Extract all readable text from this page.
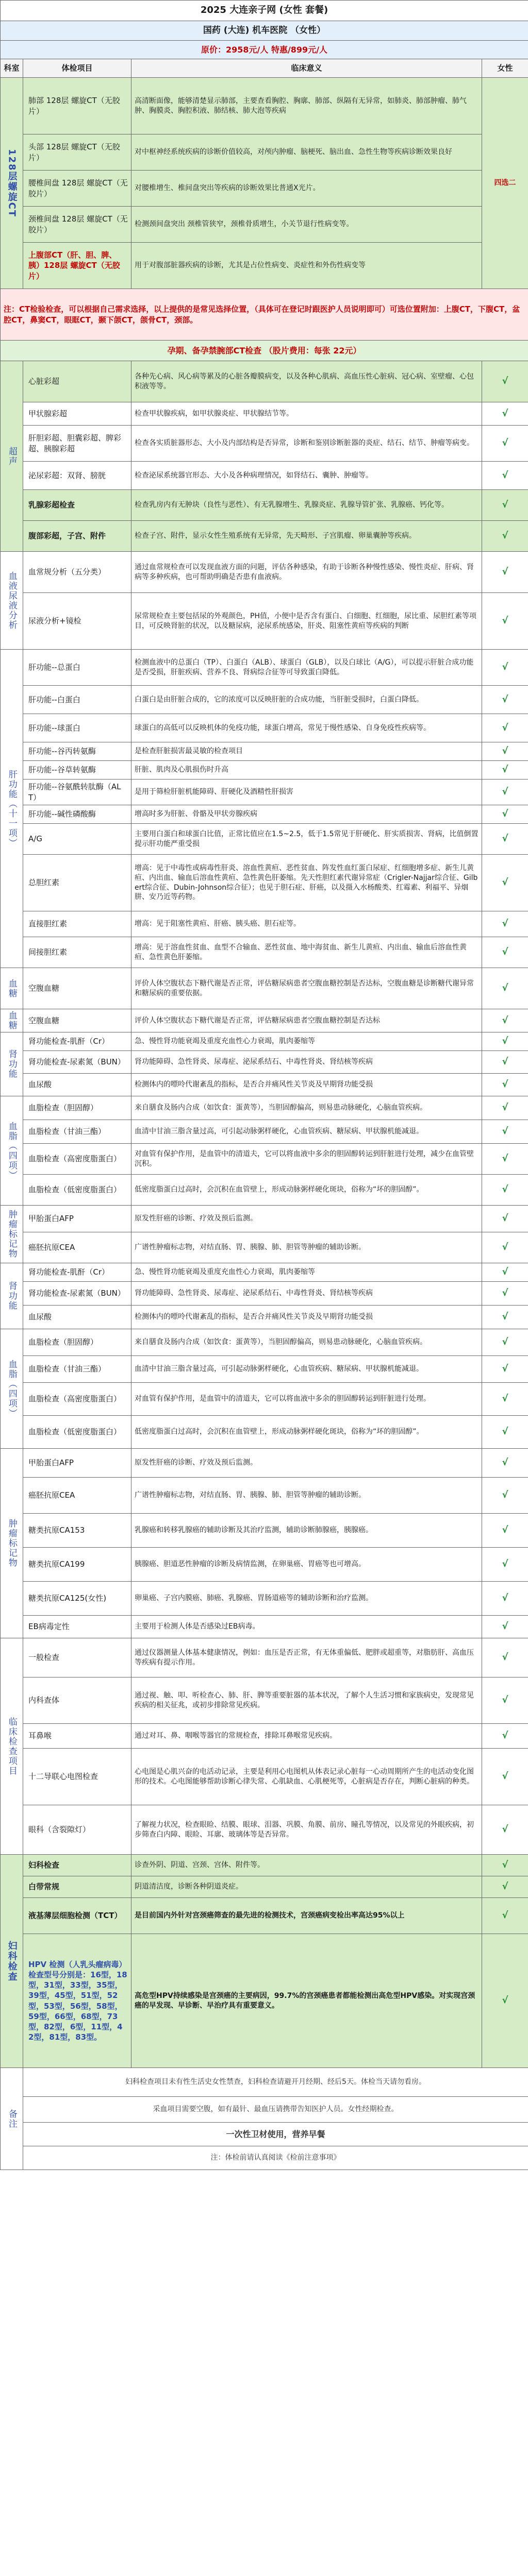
2025 大连亲子网 (女性 套餐)			
国药 (大连) 机车医院 （女性）			
原价：2958元/人 特惠/899元/人			
科室	体检项目	临床意义	女性
128层螺旋CT	肺部 128层 螺旋CT（无胶片）	高清断面像，能够清楚显示肺部，主要查看胸腔、胸廓、肺部、纵隔有无异常，如肺炎、肺部肿瘤、肺气肿、胸膜炎、胸腔积液、肺结核、肺大泡等疾病	四选二
	头部 128层 螺旋CT（无胶片）	对中枢神经系统疾病的诊断价值较高，对颅内肿瘤、脑梗死、脑出血、急性生物等疾病诊断效果良好	
	腰椎间盘 128层 螺旋CT（无胶片）	对腰椎增生、椎间盘突出等疾病的诊断效果比普通X光片。	
	颈椎间盘 128层 螺旋CT（无胶片）	检测颈间盘突出 颈椎管狭窄，颈椎骨质增生，小关节退行性病变等。	
	上腹部CT（肝、胆、脾、胰）128层 螺旋CT（无胶片）	用于对腹部脏器疾病的诊断，尤其是占位性病变、炎症性和外伤性病变等	
注：CT检验检查，可以根据自己需求选择，以上提供的是常见选择位置，（具体可在登记时跟医护人员说明即可）可选位置附加：上腹CT，下腹CT，盆腔CT，鼻窦CT，眼眶CT，颞下颌CT，颌骨CT，颈部。			
孕期、备孕禁腕部CT检查 （股片费用：每张 22元）			
超声	心脏彩超	各种先心病、风心病等累及的心脏各瓣膜病变，以及各种心肌病、高血压性心脏病、冠心病、室壁瘤、心包积液等等。	√
	甲状腺彩超	检查甲状腺疾病，如甲状腺炎症、甲状腺结节等。	√
	肝胆彩超、胆囊彩超、脾彩超、胰腺彩超	检查各实质脏器形态、大小及内部结构是否异常，诊断和鉴别诊断脏器的炎症、结石、结节、肿瘤等病变。	√
	泌尿彩超：双肾、膀胱	检查泌尿系统器官形态、大小及各种病理情况，如肾结石、囊肿、肿瘤等。	√
	乳腺彩超检查	检查乳房内有无肿块（良性与恶性）、有无乳腺增生、乳腺炎症、乳腺导管扩张、乳腺癌、钙化等。	√
	腹部彩超，子宫、附件	检查子宫、附件，显示女性生殖系统有无异常，先天畸形、子宫肌瘤、卵巢囊肿等疾病。	√
血液尿液分析	血常规分析（五分类）	通过血常规检查可以发现血液方面的问题，评估各种感染，有助于诊断各种慢性感染、慢性炎症、肝病、肾病等多种疾病，也可帮助明确是否患有血液病。	√
	尿液分析+镜检	尿常规检查主要包括尿的外观颜色，PH值，小便中是否含有蛋白、白细胞、红细胞，尿比重、尿胆红素等项目，可反映肾脏的状况，以及糖尿病，泌尿系统感染，肝炎、阻塞性黄疸等疾病的判断	√
肝功能（十一项）	肝功能--总蛋白	检测血液中的总蛋白（TP）、白蛋白（ALB）、球蛋白（GLB），以及白球比（A/G），可以提示肝脏合成功能是否受损，肝脏疾病、营养不良、肾病综合征等可导致蛋白降低。	√
	肝功能--白蛋白	白蛋白是由肝脏合成的，它的浓度可以反映肝脏的合成功能，当肝脏受损时，白蛋白降低。	√
	肝功能--球蛋白	球蛋白的高低可以反映机体的免疫功能，球蛋白增高，常见于慢性感染、自身免疫性疾病等。	√
	肝功能--谷丙转氨酶	是检查肝脏损害最灵敏的检查项目	√
	肝功能--谷草转氨酶	肝脏、肌肉及心肌损伤时升高	√
	肝功能--谷氨酰转肽酶（ALT）	是用于筛检肝脏机能障碍、肝硬化及酒精性肝损害	√
	肝功能--碱性磷酸酶	增高时多为肝脏、骨骼及甲状旁腺疾病	√
	A/G	主要用白蛋白和球蛋白比值，正常比值应在1.5~2.5，低于1.5常见于肝硬化、肝实质损害、肾病，比值倒置提示肝功能严重受损	√
	总胆红素	增高：见于中毒性或病毒性肝炎、溶血性黄疸、恶性贫血、阵发性血红蛋白尿症、红细胞增多症、新生儿黄疸、内出血、输血后溶血性黄疸、急性黄色肝萎缩。先天性胆红素代谢异常症（Crigler-Najjar综合征、Gilbert综合征、Dubin-Johnson综合征）；也见于胆石症、肝癌，以及摄入水杨酸类、红霉素、利福平、异烟肼、安乃近等药物。	√
	直接胆红素	增高：见于阻塞性黄疸、肝癌、胰头癌、胆石症等。	√
	间接胆红素	增高：见于溶血性贫血、血型不合输血、恶性贫血、地中海贫血、新生儿黄疸、内出血、输血后溶血性黄疸、急性黄色肝萎缩。	√
血糖	空腹血糖	评价人体空腹状态下糖代谢是否正常，评估糖尿病患者空腹血糖控制是否达标，空腹血糖是诊断糖代谢异常和糖尿病的重要依据。	√
血糖	空腹血糖	评价人体空腹状态下糖代谢是否正常，评估糖尿病患者空腹血糖控制是否达标	√
肾功能	肾功能检查-肌酐（Cr）	急、慢性肾功能衰竭及重度充血性心力衰竭，肌肉萎缩等	√
	肾功能检查-尿素氮（BUN）	肾功能障碍、急性肾炎、尿毒症、泌尿系结石、中毒性肾炎、肾结核等疾病	√
	血尿酸	检测体内的嘌呤代谢紊乱的指标，是否合并痛风性关节炎及早期肾功能受损	√
血脂（四项）	血脂检查（胆固醇）	来自膳食及肠内合成（如饮食：蛋黄等），当胆固醇偏高，则易患动脉硬化，心脑血管疾病。	√
	血脂检查（甘油三酯）	血清中甘油三脂含量过高，可引起动脉粥样硬化，心血管疾病、糖尿病、甲状腺机能减退。	√
	血脂检查（高密度脂蛋白）	对血管有保护作用，是血管中的清道夫，它可以将血液中多余的胆固醇转运到肝脏进行处理，减少在血管壁沉积。	√
	血脂检查（低密度脂蛋白）	低密度脂蛋白过高时，会沉积在血管壁上，形成动脉粥样硬化斑块，俗称为“坏的胆固醇”。	√
肿瘤标记物	甲胎蛋白AFP	原发性肝癌的诊断、疗效及预后监测。	√
	癌胚抗原CEA	广谱性肿瘤标志物，对结直肠、胃、胰腺、肺、胆管等肿瘤的辅助诊断。	√
肾功能	肾功能检查-肌酐（Cr）	急、慢性肾功能衰竭及重度充血性心力衰竭，肌肉萎缩等	√
	肾功能检查-尿素氮（BUN）	肾功能障碍、急性肾炎、尿毒症、泌尿系结石、中毒性肾炎、肾结核等疾病	√
	血尿酸	检测体内的嘌呤代谢紊乱的指标，是否合并痛风性关节炎及早期肾功能受损	√
血脂（四项）	血脂检查（胆固醇）	来自膳食及肠内合成（如饮食：蛋黄等），当胆固醇偏高，则易患动脉硬化，心脑血管疾病。	√
	血脂检查（甘油三酯）	血清中甘油三脂含量过高，可引起动脉粥样硬化，心血管疾病、糖尿病、甲状腺机能减退。	√
	血脂检查（高密度脂蛋白）	对血管有保护作用，是血管中的清道夫，它可以将血液中多余的胆固醇转运到肝脏进行处理。	√
	血脂检查（低密度脂蛋白）	低密度脂蛋白过高时，会沉积在血管壁上，形成动脉粥样硬化斑块，俗称为“坏的胆固醇”。	√
肿瘤标记物	甲胎蛋白AFP	原发性肝癌的诊断、疗效及预后监测。	√
	癌胚抗原CEA	广谱性肿瘤标志物，对结直肠、胃、胰腺、肺、胆管等肿瘤的辅助诊断。	√
	糖类抗原CA153	乳腺癌和转移乳腺癌的辅助诊断及其治疗监测，辅助诊断肺腺癌，胰腺癌。	√
	糖类抗原CA199	胰腺癌、胆道恶性肿瘤的诊断及病情监测，在卵巢癌、胃癌等也可增高。	√
	糖类抗原CA125(女性)	卵巢癌、子宫内膜癌、肺癌、乳腺癌、胃肠道癌等的辅助诊断和治疗监测。	√
	EB病毒定性	主要用于检测人体是否感染过EB病毒。	√
临床检查项目	一般检查	通过仪器测量人体基本健康情况，例如：血压是否正常，有无体重偏低、肥胖或超重等，对脂肪肝、高血压等疾病有提示作用。	√
	内科查体	通过视、触、叩、听检查心、肺、肝、脾等重要脏器的基本状况，了解个人生活习惯和家族病史，发现常见疾病的相关征兆，或初步排除常见疾病。	√
	耳鼻喉	通过对耳、鼻、咽喉等器官的常规检查，排除耳鼻喉常见疾病。	√
	十二导联心电图检查	心电图是心肌兴奋的电活动记录，主要是利用心电图机从体表记录心脏每一心动周期所产生的电活动变化图形的技术。心电图能够帮助诊断心律失常、心肌缺血、心肌梗死等，心脏病是否存在，判断心脏病的种类。	√
	眼科（含裂隙灯）	了解视力状况，检查眼睑、结膜、眼球、泪器、巩膜、角膜、前房、瞳孔等情况，以及常见的外眼疾病，初步筛查白内障、眼睑、耳廓、玻璃体等是否异常。	√
妇科检查	妇科检查	诊查外阴、阴道、宫颈、宫体、附件等。	√
	白带常规	阴道清洁度，诊断各种阴道炎症。	√
	液基薄层细胞检测（TCT）	是目前国内外针对宫颈癌筛查的最先进的检测技术，宫颈癌病变检出率高达95%以上	√
	HPV 检测（人乳头瘤病毒）检查型号分别是：16型，18型，31型，33型，35型，39型，45型，51型，52型，53型，56型，58型，59型，66型，68型，73型，82型，6型，11型，42型，81型，83型。	高危型HPV持续感染是宫颈癌的主要病因，99.7%的宫颈癌患者都能检测出高危型HPV感染。对实现宫颈癌的早发现、早诊断、早治疗具有重要意义。	√
备注	妇科检查项目未有性生活史女性禁查，妇科检查请避开月经期、经后5天。体检当天请勿看房。		
	采血项目需要空腹，如有最针、最血压请携带告知医护人员。女性经期检查。		
	一次性卫材使用，营养早餐		
	注：体检前请认真阅读《检前注意事项》		
